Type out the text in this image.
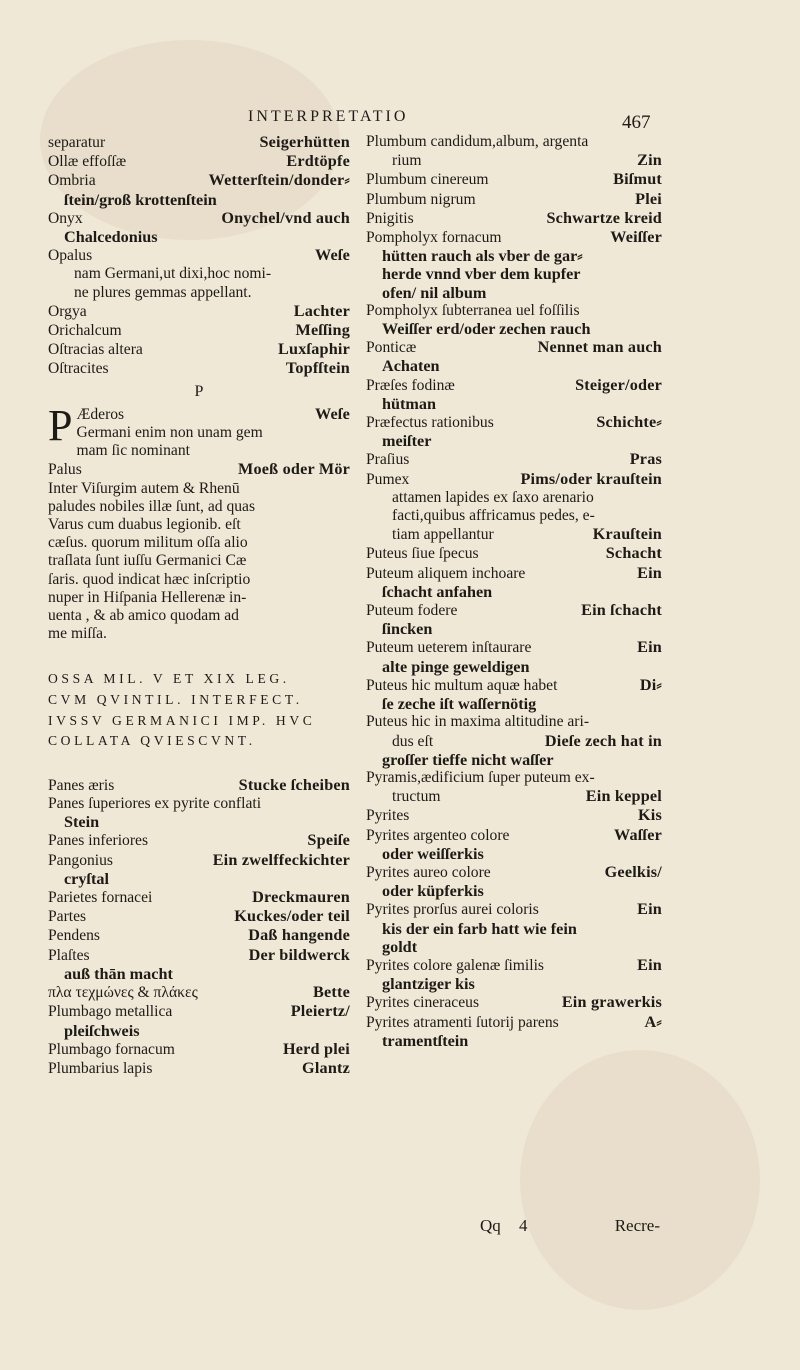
INTERPRETATIO	467
separatur	Seigerhütten
Ollæ effoſſæ	Erdtöpfe
Ombria	Wetterſtein/donder⸗
ſtein/groß krottenſtein
Onyx	Onychel/vnd auch
Chalcedonius
Opalus	Weſe
nam Germani,ut dixi,hoc nomi-
ne plures gemmas appellant.
Orgya	Lachter
Orichalcum	Meſſing
Oſtracias altera	Luxſaphir
Oſtracites	Topfſtein
P
P Æderos	Weſe
Germani enim non unam gem
mam ſic nominant
Palus	Moeß oder Mör
Inter Viſurgim autem & Rhenū
paludes nobiles illæ ſunt, ad quas
Varus cum duabus legionib. eſt
cæſus. quorum militum oſſa alio
traſlata ſunt iuſſu Germanici Cæ
ſaris. quod indicat hæc inſcriptio
nuper in Hiſpania Hellerenæ in-
uenta , & ab amico quodam ad
me miſſa.
OSSA MIL. V ET XIX LEG.
CVM QVINTIL. INTERFECT.
IVSSV GERMANICI IMP. HVC
COLLATA QVIESCVNT.
Panes æris	Stucke ſcheiben
Panes ſuperiores ex pyrite conflati
Stein
Panes inferiores	Speiſe
Pangonius	Ein zwelffeckichter
cryſtal
Parietes fornacei	Dreckmauren
Partes	Kuckes/oder teil
Pendens	Daß hangende
Plaſtes	Der bildwerck
auß thān macht
πλα τεχμώνες & πλάκες	Bette
Plumbago metallica	Pleiertz/
pleiſchweis
Plumbago fornacum	Herd plei
Plumbarius lapis	Glantz
Plumbum candidum,album, argenta
rium	Zin
Plumbum cinereum	Biſmut
Plumbum nigrum	Plei
Pnigitis	Schwartze kreid
Pompholyx fornacum	Weiſſer
hütten rauch als vber de gar⸗
herde vnnd vber dem kupfer
ofen/ nil album
Pompholyx ſubterranea uel foſſilis
Weiſſer erd/oder zechen rauch
Ponticæ	Nennet man auch
Achaten
Præſes fodinæ	Steiger/oder
hütman
Præfectus rationibus	Schichte⸗
meiſter
Praſius	Pras
Pumex	Pims/oder krauſtein
attamen lapides ex ſaxo arenario
facti,quibus affricamus pedes, e-
tiam appellantur	Krauſtein
Puteus ſiue ſpecus	Schacht
Puteum aliquem inchoare	Ein
ſchacht anfahen
Puteum fodere	Ein ſchacht
ſincken
Puteum ueterem inſtaurare	Ein
alte pinge geweldigen
Puteus hic multum aquæ habet	Di⸗
ſe zeche iſt waſſernötig
Puteus hic in maxima altitudine ari-
dus eſt	Dieſe zech hat in
groſſer tieffe nicht waſſer
Pyramis,ædificium ſuper puteum ex-
tructum	Ein keppel
Pyrites	Kis
Pyrites argenteo colore	Waſſer
oder weiſſerkis
Pyrites aureo colore	Geelkis/
oder küpferkis
Pyrites prorſus aurei coloris	Ein
kis der ein farb hatt wie fein
goldt
Pyrites colore galenæ ſimilis	Ein
glantziger kis
Pyrites cineraceus	Ein grawerkis
Pyrites atramenti ſutorij parens	A⸗
tramentſtein
Qq 4	Recre-
